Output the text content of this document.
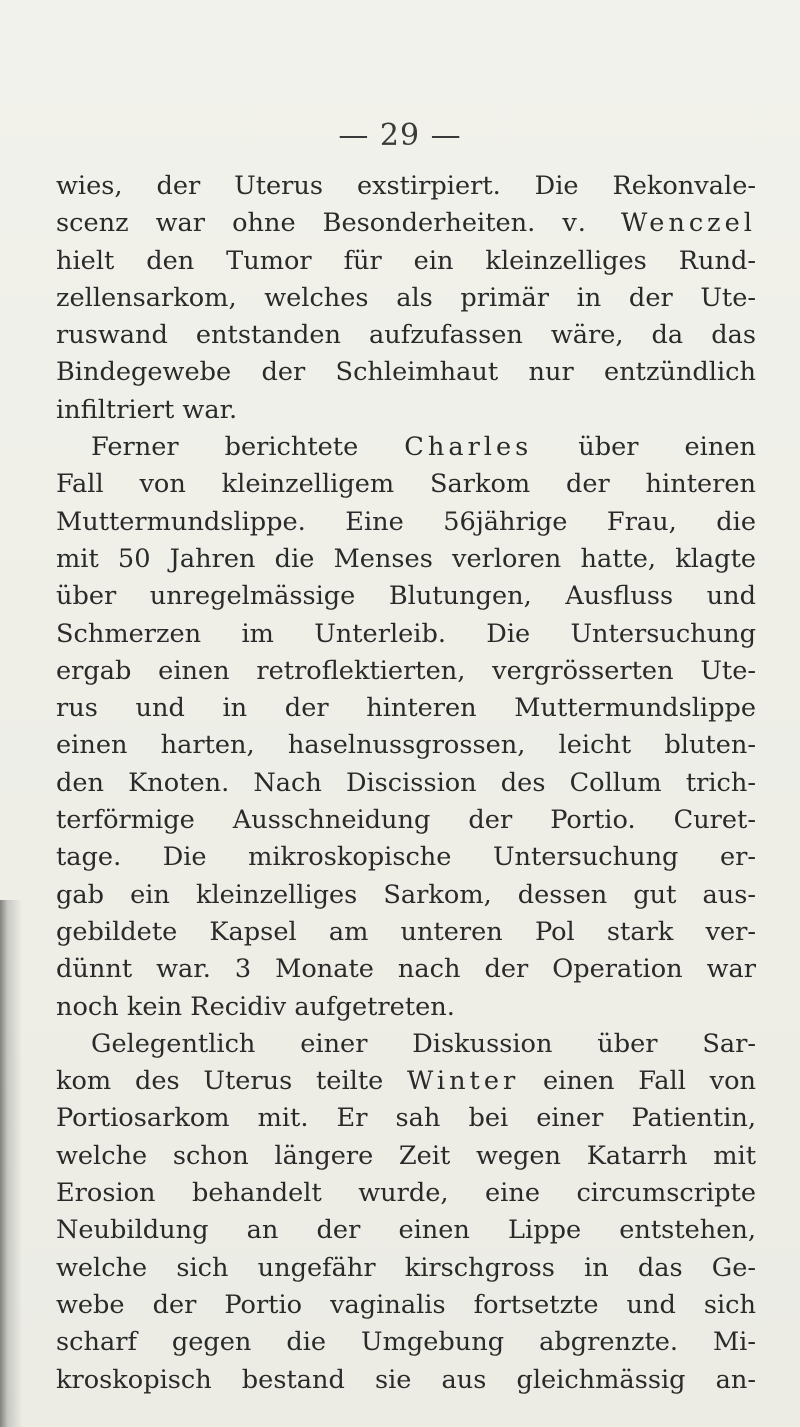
— 29 —
wies, der Uterus exstirpiert. Die Rekonvale-
scenz war ohne Besonderheiten. v. Wenczel
hielt den Tumor für ein kleinzelliges Rund-
zellensarkom, welches als primär in der Ute-
ruswand entstanden aufzufassen wäre, da das
Bindegewebe der Schleimhaut nur entzündlich
infiltriert war.
Ferner berichtete Charles über einen
Fall von kleinzelligem Sarkom der hinteren
Muttermundslippe. Eine 56jährige Frau, die
mit 50 Jahren die Menses verloren hatte, klagte
über unregelmässige Blutungen, Ausfluss und
Schmerzen im Unterleib. Die Untersuchung
ergab einen retroflektierten, vergrösserten Ute-
rus und in der hinteren Muttermundslippe
einen harten, haselnussgrossen, leicht bluten-
den Knoten. Nach Discission des Collum trich-
terförmige Ausschneidung der Portio. Curet-
tage. Die mikroskopische Untersuchung er-
gab ein kleinzelliges Sarkom, dessen gut aus-
gebildete Kapsel am unteren Pol stark ver-
dünnt war. 3 Monate nach der Operation war
noch kein Recidiv aufgetreten.
Gelegentlich einer Diskussion über Sar-
kom des Uterus teilte Winter einen Fall von
Portiosarkom mit. Er sah bei einer Patientin,
welche schon längere Zeit wegen Katarrh mit
Erosion behandelt wurde, eine circumscripte
Neubildung an der einen Lippe entstehen,
welche sich ungefähr kirschgross in das Ge-
webe der Portio vaginalis fortsetzte und sich
scharf gegen die Umgebung abgrenzte. Mi-
kroskopisch bestand sie aus gleichmässig an-
